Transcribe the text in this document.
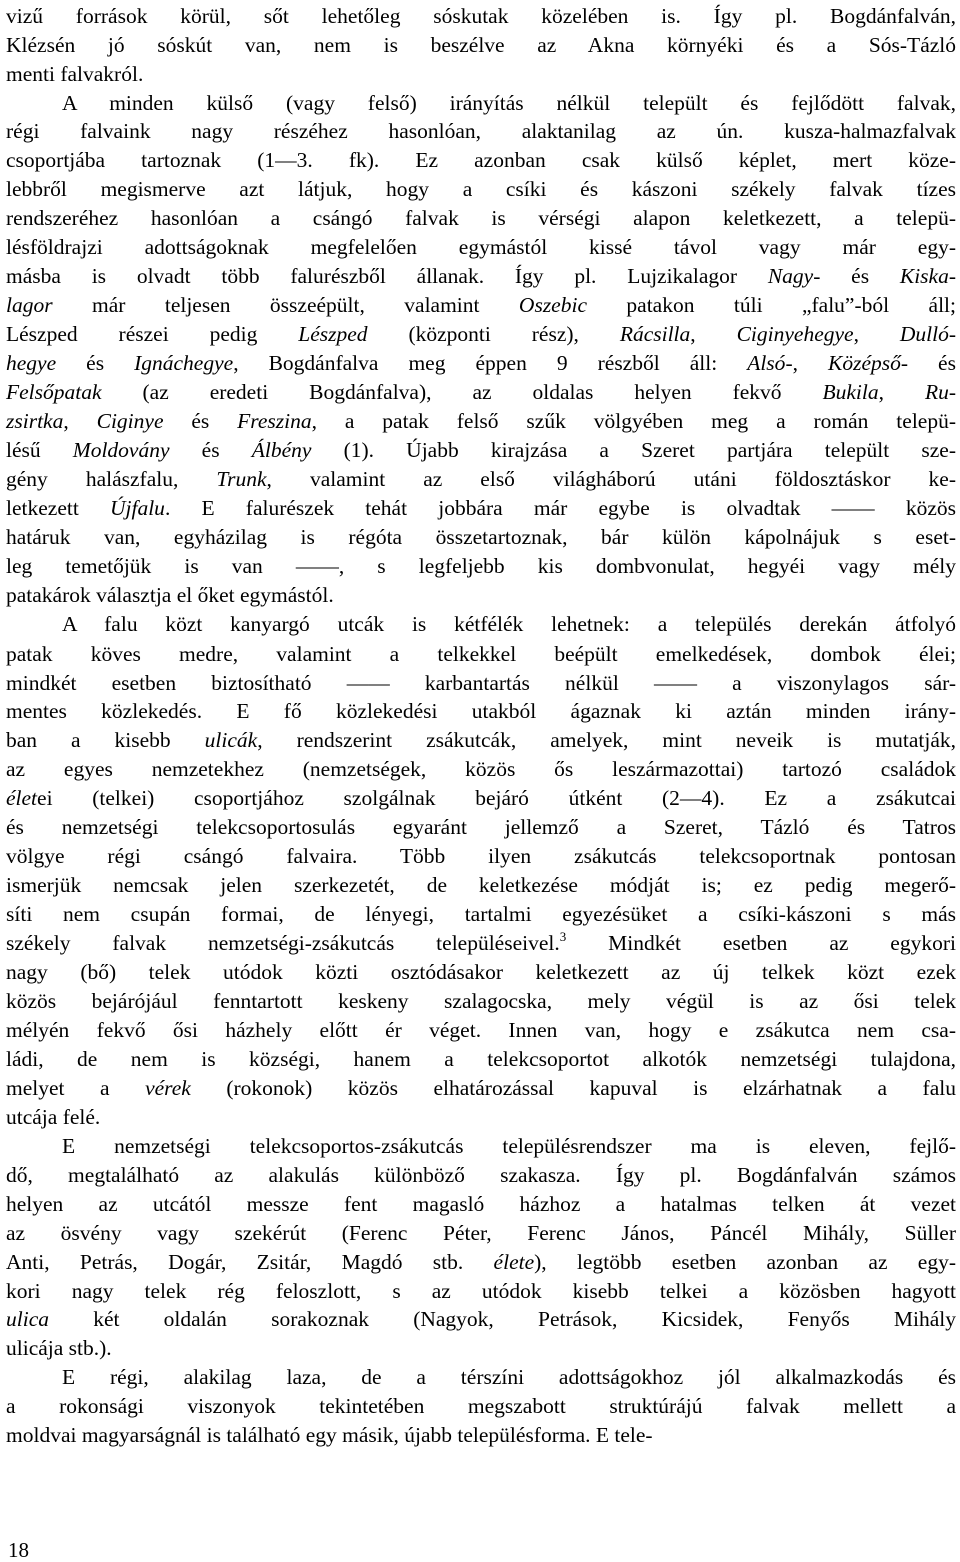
vizű források körül, sőt lehetőleg sóskutak közelében is. Így pl. Bogdánfalván,
Klézsén jó sóskút van, nem is beszélve az Akna környéki és a Sós-Tázló
menti falvakról.
A minden külső (vagy felső) irányítás nélkül települt és fejlődött falvak,
régi falvaink nagy részéhez hasonlóan, alaktanilag az ún. kusza-halmazfalvak
csoportjába tartoznak (1—3. fk). Ez azonban csak külső képlet, mert köze-
lebbről megismerve azt látjuk, hogy a csíki és kászoni székely falvak tízes
rendszeréhez hasonlóan a csángó falvak is vérségi alapon keletkezett, a telepü-
lésföldrajzi adottságoknak megfelelően egymástól kissé távol vagy már egy-
másba is olvadt több falurészből állanak. Így pl. Lujzikalagor Nagy- és Kiska-
lagor már teljesen összeépült, valamint Oszebic patakon túli „falu”-ból áll;
Lészped részei pedig Lészped (központi rész), Rácsilla, Ciginyehegye, Dulló-
hegye és Ignáchegye, Bogdánfalva meg éppen 9 részből áll: Alsó-, Középső- és
Felsőpatak (az eredeti Bogdánfalva), az oldalas helyen fekvő Bukila, Ru-
zsirtka, Ciginye és Freszina, a patak felső szűk völgyében meg a román telepü-
lésű Moldovány és Álbény (1). Újabb kirajzása a Szeret partjára települt sze-
gény halászfalu, Trunk, valamint az első világháború utáni földosztáskor ke-
letkezett Újfalu. E falurészek tehát jobbára már egybe is olvadtak —— közös
határuk van, egyházilag is régóta összetartoznak, bár külön kápolnájuk s eset-
leg temetőjük is van ——, s legfeljebb kis dombvonulat, hegyéi vagy mély
patakárok választja el őket egymástól.
A falu közt kanyargó utcák is kétfélék lehetnek: a település derekán átfolyó
patak köves medre, valamint a telkekkel beépült emelkedések, dombok élei;
mindkét esetben biztosítható —— karbantartás nélkül —— a viszonylagos sár-
mentes közlekedés. E fő közlekedési utakból ágaznak ki aztán minden irány-
ban a kisebb ulicák, rendszerint zsákutcák, amelyek, mint neveik is mutatják,
az egyes nemzetekhez (nemzetségek, közös ős leszármazottai) tartozó családok
életei (telkei) csoportjához szolgálnak bejáró útként (2—4). Ez a zsákutcai
és nemzetségi telekcsoportosulás egyaránt jellemző a Szeret, Tázló és Tatros
völgye régi csángó falvaira. Több ilyen zsákutcás telekcsoportnak pontosan
ismerjük nemcsak jelen szerkezetét, de keletkezése módját is; ez pedig megerő-
síti nem csupán formai, de lényegi, tartalmi egyezésüket a csíki-kászoni s más
székely falvak nemzetségi-zsákutcás településeivel.$^3$ Mindkét esetben az egykori
nagy (bő) telek utódok közti osztódásakor keletkezett az új telkek közt ezek
közös bejárójául fenntartott keskeny szalagocska, mely végül is az ősi telek
mélyén fekvő ősi házhely előtt ér véget. Innen van, hogy e zsákutca nem csa-
ládi, de nem is községi, hanem a telekcsoportot alkotók nemzetségi tulajdona,
melyet a vérek (rokonok) közös elhatározással kapuval is elzárhatnak a falu
utcája felé.
E nemzetségi telekcsoportos-zsákutcás településrendszer ma is eleven, fejlő-
dő, megtalálható az alakulás különböző szakasza. Így pl. Bogdánfalván számos
helyen az utcától messze fent magasló házhoz a hatalmas telken át vezet
az ösvény vagy szekérút (Ferenc Péter, Ferenc János, Páncél Mihály, Süller
Anti, Petrás, Dogár, Zsitár, Magdó stb. élete), legtöbb esetben azonban az egy-
kori nagy telek rég feloszlott, s az utódok kisebb telkei a közösben hagyott
ulica két oldalán sorakoznak (Nagyok, Petrások, Kicsidek, Fenyős Mihály
ulicája stb.).
E régi, alakilag laza, de a térszíni adottságokhoz jól alkalmazkodás és
a rokonsági viszonyok tekintetében megszabott struktúrájú falvak mellett a
moldvai magyarságnál is található egy másik, újabb településforma. E tele-
18
